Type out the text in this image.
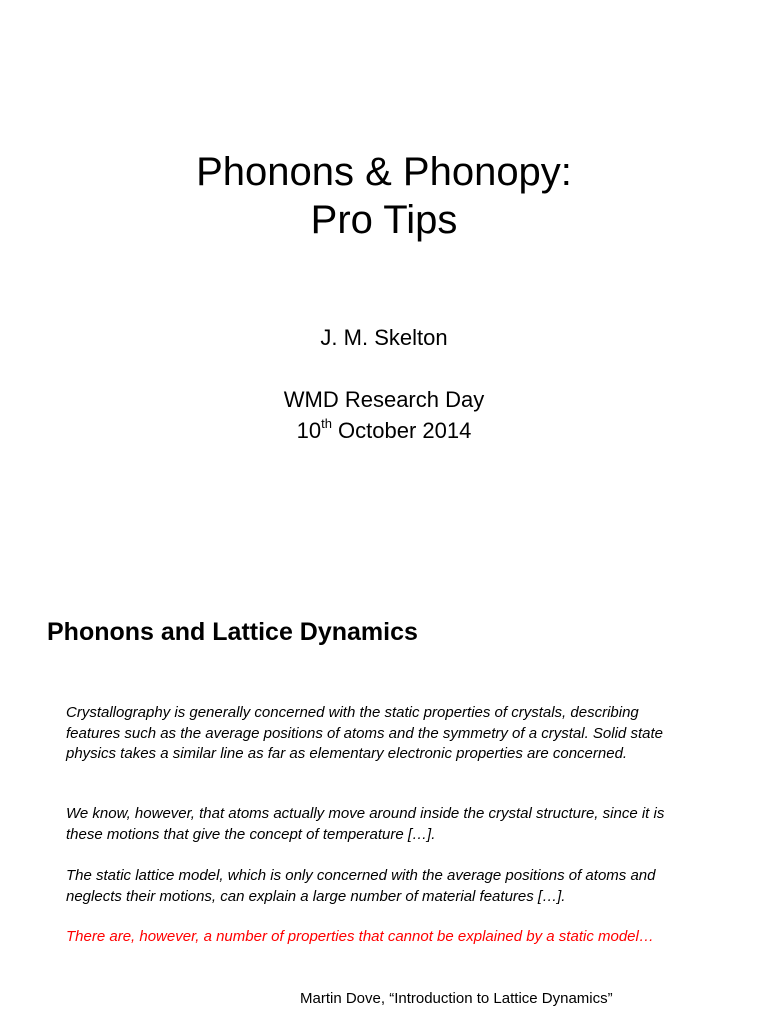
Phonons & Phonopy:
Pro Tips
J. M. Skelton
WMD Research Day
10th October 2014
Phonons and Lattice Dynamics

Crystallography is generally concerned with the static properties of crystals, describing features such as the average positions of atoms and the symmetry of a crystal. Solid state physics takes a similar line as far as elementary electronic properties are concerned.

We know, however, that atoms actually move around inside the crystal structure, since it is these motions that give the concept of temperature […].

The static lattice model, which is only concerned with the average positions of atoms and neglects their motions, can explain a large number of material features […].

There are, however, a number of properties that cannot be explained by a static model…

Martin Dove, “Introduction to Lattice Dynamics”
